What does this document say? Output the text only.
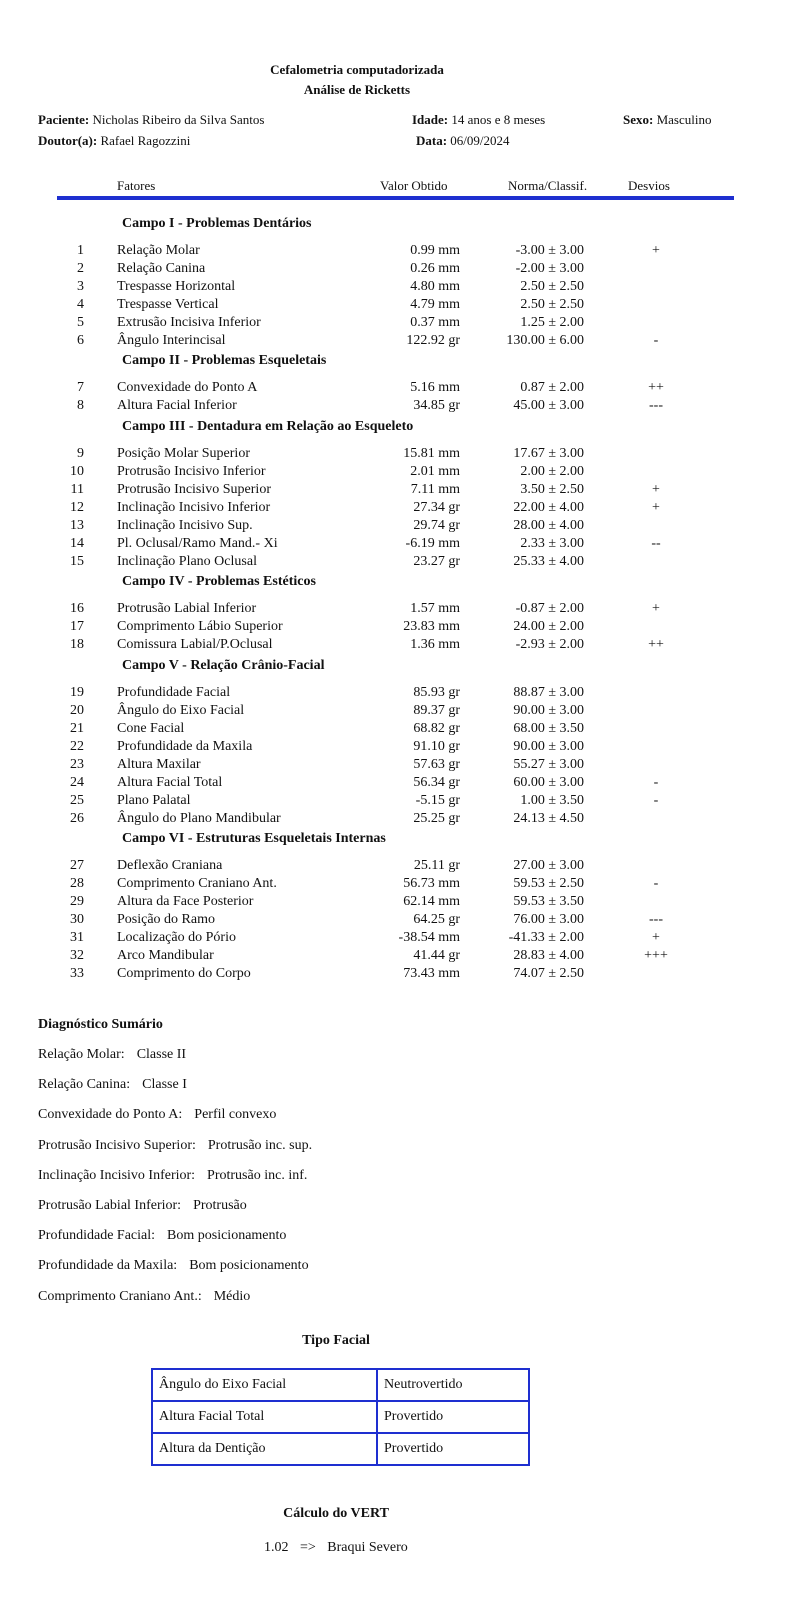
Cefalometria computadorizada
Análise de Ricketts
Paciente: Nicholas Ribeiro da Silva Santos	Idade: 14 anos e 8 meses	Sexo: Masculino
Doutor(a): Rafael Ragozzini	Data: 06/09/2024
Fatores	Valor Obtido	Norma/Classif.	Desvios
Campo I - Problemas Dentários
1 Relação Molar	0.99 mm	-3.00 ± 3.00	+
2 Relação Canina	0.26 mm	-2.00 ± 3.00
3 Trespasse Horizontal	4.80 mm	2.50 ± 2.50
4 Trespasse Vertical	4.79 mm	2.50 ± 2.50
5 Extrusão Incisiva Inferior	0.37 mm	1.25 ± 2.00
6 Ângulo Interincisal	122.92 gr	130.00 ± 6.00	-
Campo II - Problemas Esqueletais
7 Convexidade do Ponto A	5.16 mm	0.87 ± 2.00	++
8 Altura Facial Inferior	34.85 gr	45.00 ± 3.00	---
Campo III - Dentadura em Relação ao Esqueleto
9 Posição Molar Superior	15.81 mm	17.67 ± 3.00
10 Protrusão Incisivo Inferior	2.01 mm	2.00 ± 2.00
11 Protrusão Incisivo Superior	7.11 mm	3.50 ± 2.50	+
12 Inclinação Incisivo Inferior	27.34 gr	22.00 ± 4.00	+
13 Inclinação Incisivo Sup.	29.74 gr	28.00 ± 4.00
14 Pl. Oclusal/Ramo Mand.- Xi	-6.19 mm	2.33 ± 3.00	--
15 Inclinação Plano Oclusal	23.27 gr	25.33 ± 4.00
Campo IV - Problemas Estéticos
16 Protrusão Labial Inferior	1.57 mm	-0.87 ± 2.00	+
17 Comprimento Lábio Superior	23.83 mm	24.00 ± 2.00
18 Comissura Labial/P.Oclusal	1.36 mm	-2.93 ± 2.00	++
Campo V - Relação Crânio-Facial
19 Profundidade Facial	85.93 gr	88.87 ± 3.00
20 Ângulo do Eixo Facial	89.37 gr	90.00 ± 3.00
21 Cone Facial	68.82 gr	68.00 ± 3.50
22 Profundidade da Maxila	91.10 gr	90.00 ± 3.00
23 Altura Maxilar	57.63 gr	55.27 ± 3.00
24 Altura Facial Total	56.34 gr	60.00 ± 3.00	-
25 Plano Palatal	-5.15 gr	1.00 ± 3.50	-
26 Ângulo do Plano Mandibular	25.25 gr	24.13 ± 4.50
Campo VI - Estruturas Esqueletais Internas
27 Deflexão Craniana	25.11 gr	27.00 ± 3.00
28 Comprimento Craniano Ant.	56.73 mm	59.53 ± 2.50	-
29 Altura da Face Posterior	62.14 mm	59.53 ± 3.50
30 Posição do Ramo	64.25 gr	76.00 ± 3.00	---
31 Localização do Pório	-38.54 mm	-41.33 ± 2.00	+
32 Arco Mandibular	41.44 gr	28.83 ± 4.00	+++
33 Comprimento do Corpo	73.43 mm	74.07 ± 2.50
Diagnóstico Sumário
Relação Molar: Classe II
Relação Canina: Classe I
Convexidade do Ponto A: Perfil convexo
Protrusão Incisivo Superior: Protrusão inc. sup.
Inclinação Incisivo Inferior: Protrusão inc. inf.
Protrusão Labial Inferior: Protrusão
Profundidade Facial: Bom posicionamento
Profundidade da Maxila: Bom posicionamento
Comprimento Craniano Ant.: Médio
Tipo Facial
Ângulo do Eixo Facial	Neutrovertido
Altura Facial Total	Provertido
Altura da Dentição	Provertido
Cálculo do VERT
1.02 => Braqui Severo
